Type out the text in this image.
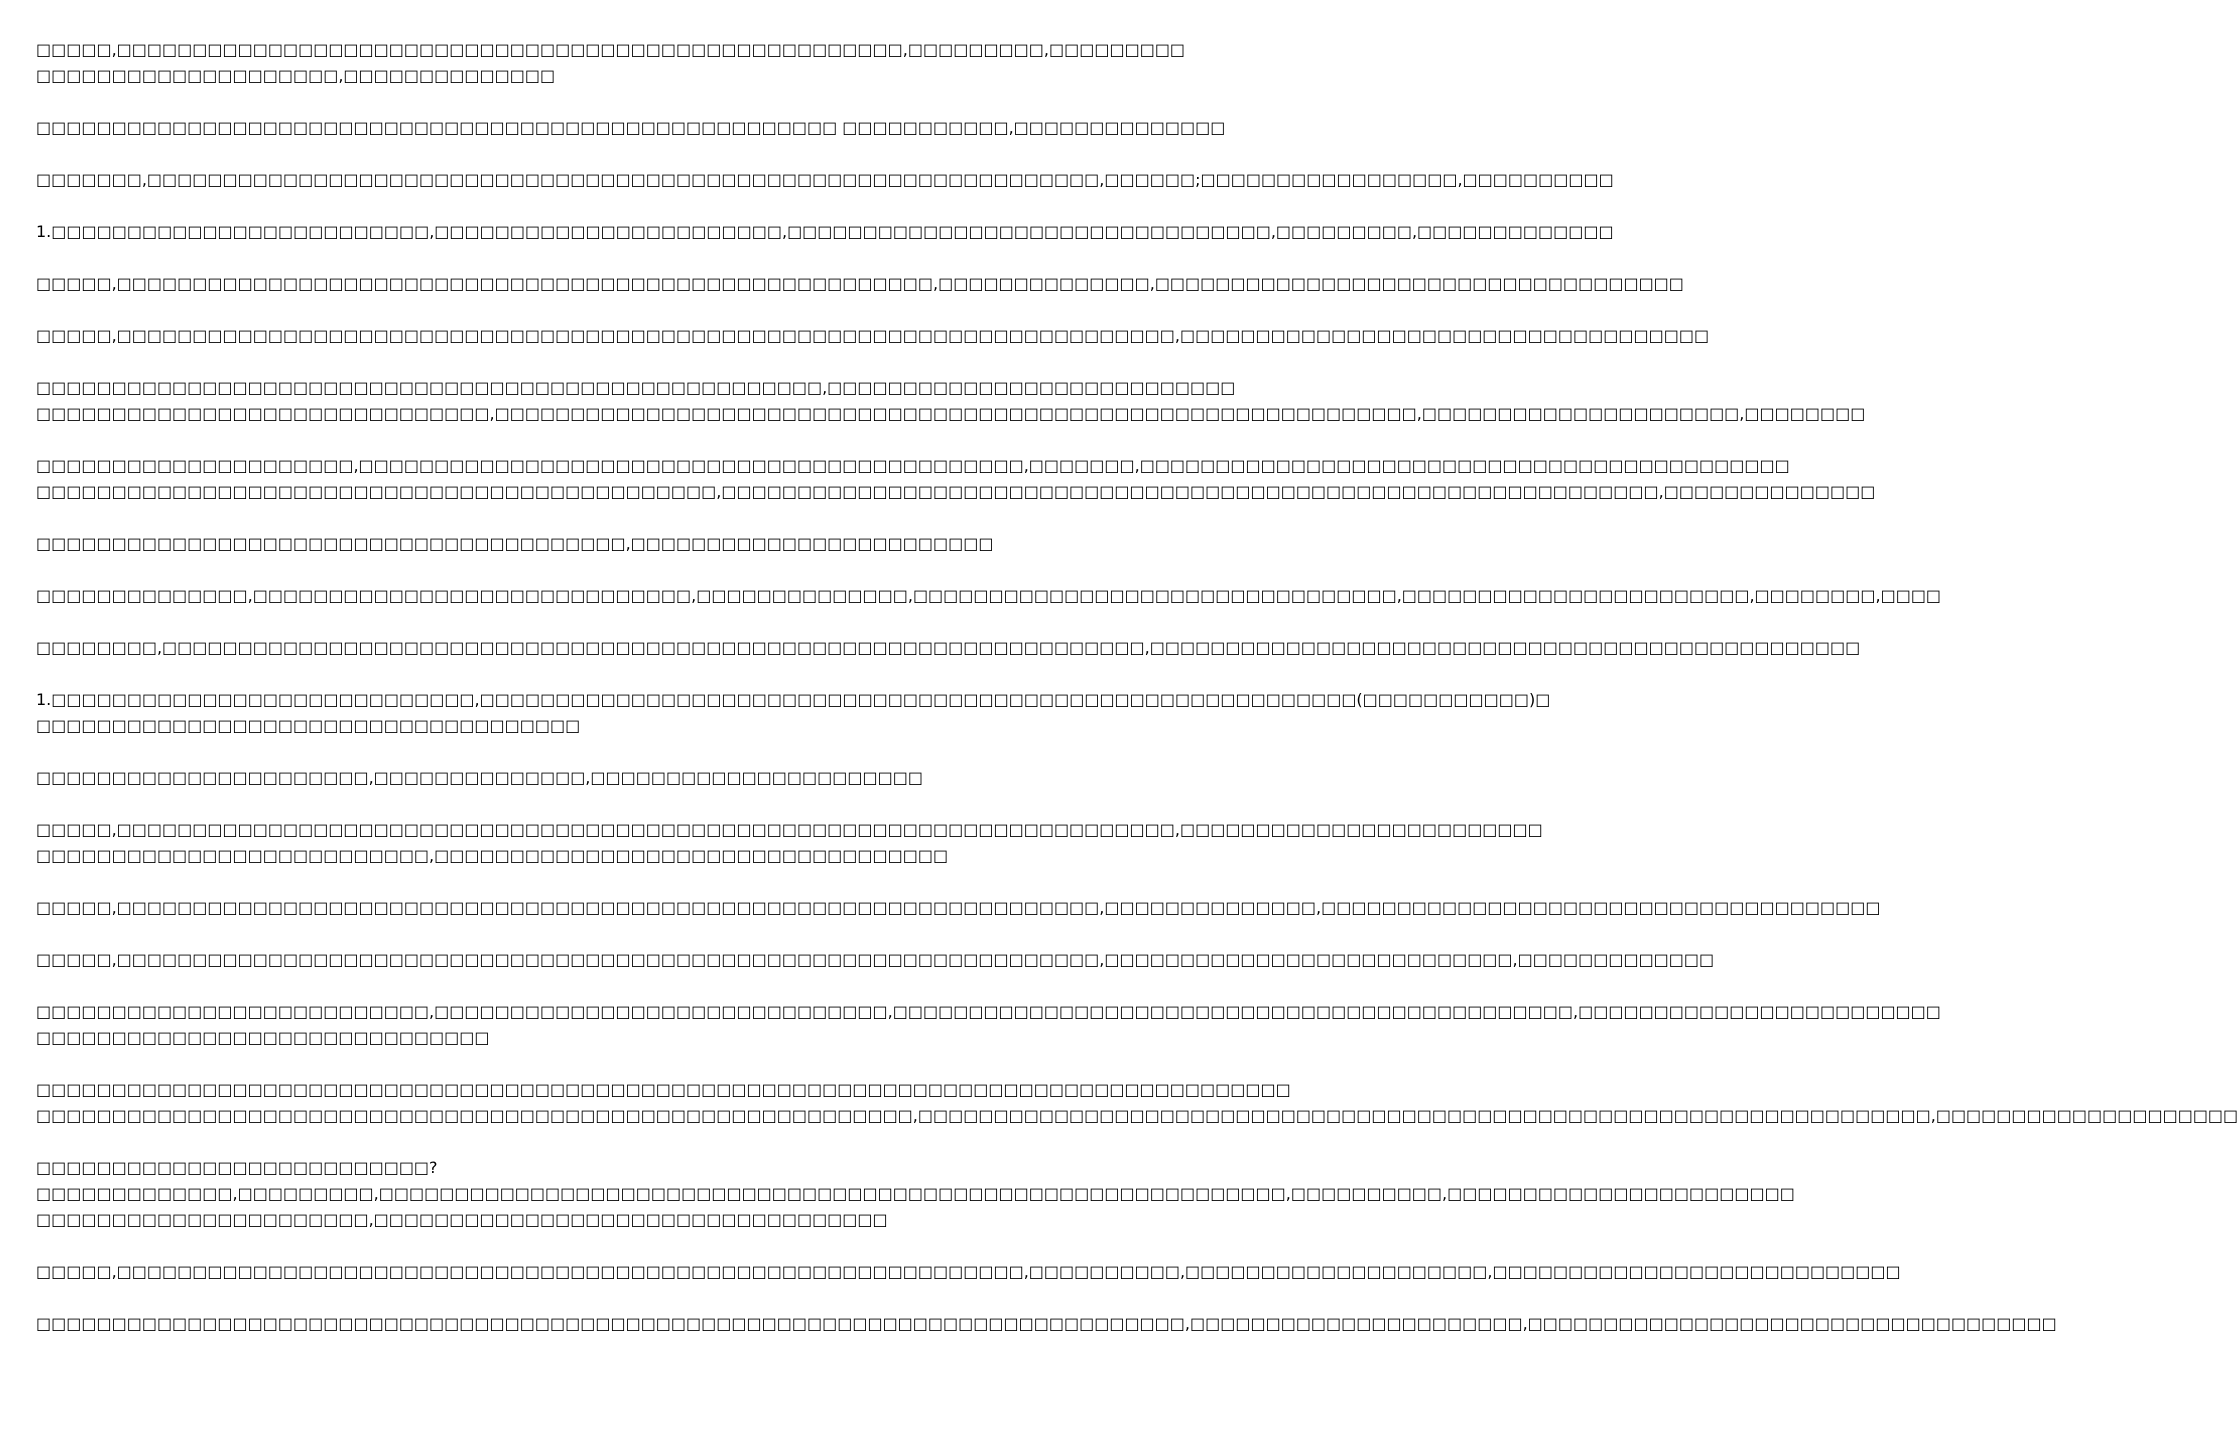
□□□□□,□□□□□□□□□□□□□□□□□□□□□□□□□□□□□□□□□□□□□□□□□□□□□□□□□□□□,□□□□□□□□□,□□□□□□□□□
□□□□□□□□□□□□□□□□□□□□,□□□□□□□□□□□□□□
□□□□□□□□□□□□□□□□□□□□□□□□□□□□□□□□□□□□□□□□□□□□□□□□□□□□□ □□□□□□□□□□□,□□□□□□□□□□□□□□
□□□□□□□,□□□□□□□□□□□□□□□□□□□□□□□□□□□□□□□□□□□□□□□□□□□□□□□□□□□□□□□□□□□□□□□,□□□□□□;□□□□□□□□□□□□□□□□□,□□□□□□□□□□
1.□□□□□□□□□□□□□□□□□□□□□□□□□,□□□□□□□□□□□□□□□□□□□□□□□,□□□□□□□□□□□□□□□□□□□□□□□□□□□□□□□□,□□□□□□□□□,□□□□□□□□□□□□□
□□□□□,□□□□□□□□□□□□□□□□□□□□□□□□□□□□□□□□□□□□□□□□□□□□□□□□□□□□□□,□□□□□□□□□□□□□□,□□□□□□□□□□□□□□□□□□□□□□□□□□□□□□□□□□□
□□□□□,□□□□□□□□□□□□□□□□□□□□□□□□□□□□□□□□□□□□□□□□□□□□□□□□□□□□□□□□□□□□□□□□□□□□□□,□□□□□□□□□□□□□□□□□□□□□□□□□□□□□□□□□□□
□□□□□□□□□□□□□□□□□□□□□□□□□□□□□□□□□□□□□□□□□□□□□□□□□□□□,□□□□□□□□□□□□□□□□□□□□□□□□□□□
□□□□□□□□□□□□□□□□□□□□□□□□□□□□□□,□□□□□□□□□□□□□□□□□□□□□□□□□□□□□□□□□□□□□□□□□□□□□□□□□□□□□□□□□□□□□,□□□□□□□□□□□□□□□□□□□□□,□□□□□□□□
□□□□□□□□□□□□□□□□□□□□□,□□□□□□□□□□□□□□□□□□□□□□□□□□□□□□□□□□□□□□□□□□□□,□□□□□□□,□□□□□□□□□□□□□□□□□□□□□□□□□□□□□□□□□□□□□□□□□□□
□□□□□□□□□□□□□□□□□□□□□□□□□□□□□□□□□□□□□□□□□□□□□,□□□□□□□□□□□□□□□□□□□□□□□□□□□□□□□□□□□□□□□□□□□□□□□□□□□□□□□□□□□□□□,□□□□□□□□□□□□□□
□□□□□□□□□□□□□□□□□□□□□□□□□□□□□□□□□□□□□□□,□□□□□□□□□□□□□□□□□□□□□□□□
□□□□□□□□□□□□□□,□□□□□□□□□□□□□□□□□□□□□□□□□□□□□,□□□□□□□□□□□□□□,□□□□□□□□□□□□□□□□□□□□□□□□□□□□□□□□,□□□□□□□□□□□□□□□□□□□□□□□,□□□□□□□□,□□□□
□□□□□□□□,□□□□□□□□□□□□□□□□□□□□□□□□□□□□□□□□□□□□□□□□□□□□□□□□□□□□□□□□□□□□□□□□□,□□□□□□□□□□□□□□□□□□□□□□□□□□□□□□□□□□□□□□□□□□□□□□□
1.□□□□□□□□□□□□□□□□□□□□□□□□□□□□,□□□□□□□□□□□□□□□□□□□□□□□□□□□□□□□□□□□□□□□□□□□□□□□□□□□□□□□□□□(□□□□□□□□□□□)□
□□□□□□□□□□□□□□□□□□□□□□□□□□□□□□□□□□□□
□□□□□□□□□□□□□□□□□□□□□□,□□□□□□□□□□□□□□,□□□□□□□□□□□□□□□□□□□□□□
□□□□□,□□□□□□□□□□□□□□□□□□□□□□□□□□□□□□□□□□□□□□□□□□□□□□□□□□□□□□□□□□□□□□□□□□□□□□,□□□□□□□□□□□□□□□□□□□□□□□□
□□□□□□□□□□□□□□□□□□□□□□□□□□,□□□□□□□□□□□□□□□□□□□□□□□□□□□□□□□□□□
□□□□□,□□□□□□□□□□□□□□□□□□□□□□□□□□□□□□□□□□□□□□□□□□□□□□□□□□□□□□□□□□□□□□□□□,□□□□□□□□□□□□□□,□□□□□□□□□□□□□□□□□□□□□□□□□□□□□□□□□□□□□
□□□□□,□□□□□□□□□□□□□□□□□□□□□□□□□□□□□□□□□□□□□□□□□□□□□□□□□□□□□□□□□□□□□□□□□,□□□□□□□□□□□□□□□□□□□□□□□□□□□,□□□□□□□□□□□□□
□□□□□□□□□□□□□□□□□□□□□□□□□□,□□□□□□□□□□□□□□□□□□□□□□□□□□□□□□,□□□□□□□□□□□□□□□□□□□□□□□□□□□□□□□□□□□□□□□□□□□□□,□□□□□□□□□□□□□□□□□□□□□□□□
□□□□□□□□□□□□□□□□□□□□□□□□□□□□□□
□□□□□□□□□□□□□□□□□□□□□□□□□□□□□□□□□□□□□□□□□□□□□□□□□□□□□□□□□□□□□□□□□□□□□□□□□□□□□□□□□□□
□□□□□□□□□□□□□□□□□□□□□□□□□□□□□□□□□□□□□□□□□□□□□□□□□□□□□□□□□□,□□□□□□□□□□□□□□□□□□□□□□□□□□□□□□□□□□□□□□□□□□□□□□□□□□□□□□□□□□□□□□□□□□□,□□□□□□□□□□□□□□□□□□□□
□□□□□□□□□□□□□□□□□□□□□□□□□□?
□□□□□□□□□□□□□,□□□□□□□□□,□□□□□□□□□□□□□□□□□□□□□□□□□□□□□□□□□□□□□□□□□□□□□□□□□□□□□□□□□□□□,□□□□□□□□□□,□□□□□□□□□□□□□□□□□□□□□□□
□□□□□□□□□□□□□□□□□□□□□□,□□□□□□□□□□□□□□□□□□□□□□□□□□□□□□□□□□
□□□□□,□□□□□□□□□□□□□□□□□□□□□□□□□□□□□□□□□□□□□□□□□□□□□□□□□□□□□□□□□□□□,□□□□□□□□□□,□□□□□□□□□□□□□□□□□□□□,□□□□□□□□□□□□□□□□□□□□□□□□□□□
□□□□□□□□□□□□□□□□□□□□□□□□□□□□□□□□□□□□□□□□□□□□□□□□□□□□□□□□□□□□□□□□□□□□□□□□□□□□,□□□□□□□□□□□□□□□□□□□□□□,□□□□□□□□□□□□□□□□□□□□□□□□□□□□□□□□□□□
